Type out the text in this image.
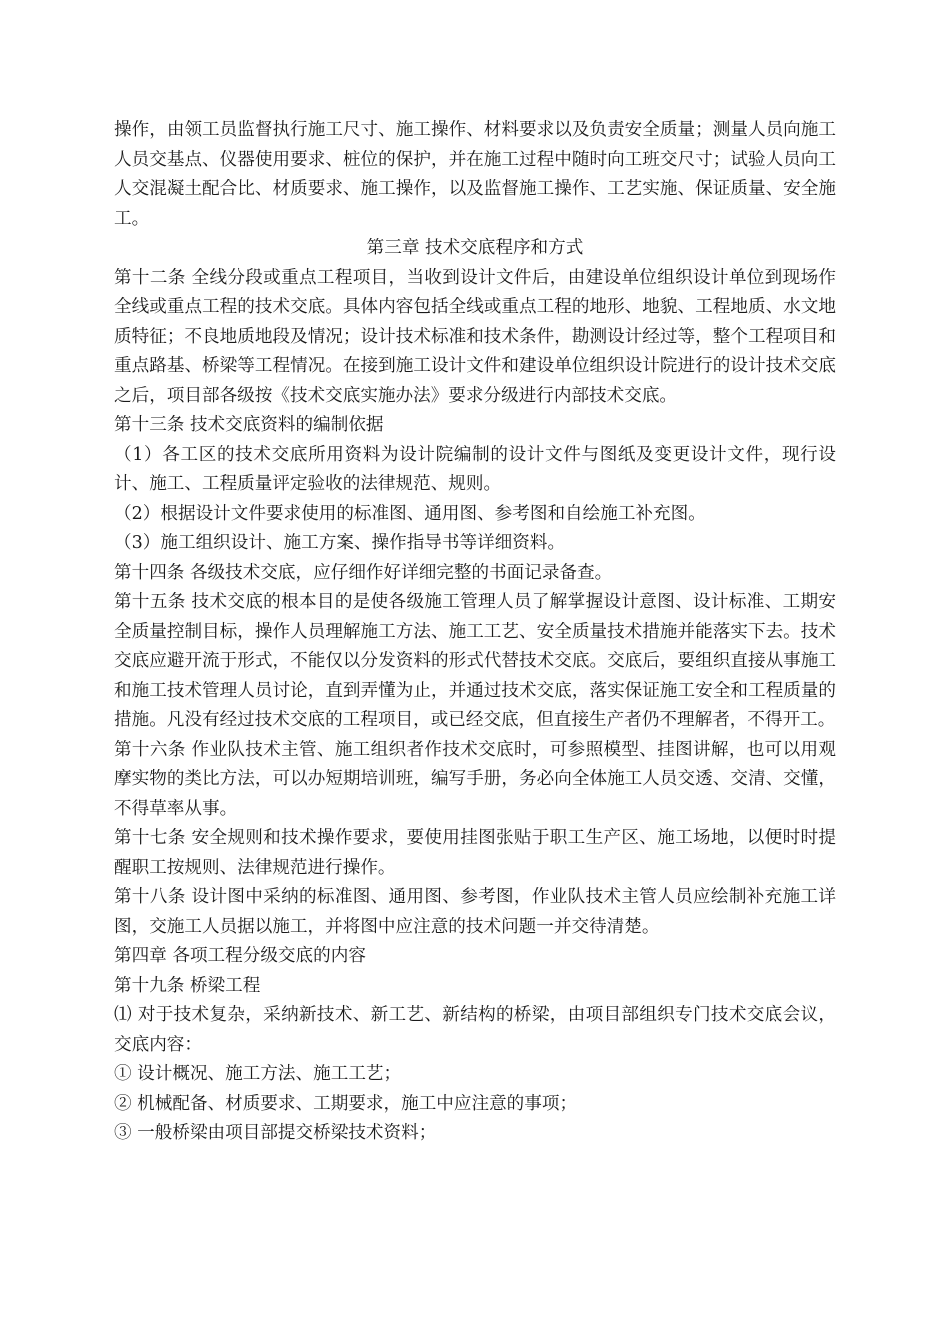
操作，由领工员监督执行施工尺寸、施工操作、材料要求以及负责安全质量；测量人员向施工人员交基点、仪器使用要求、桩位的保护，并在施工过程中随时向工班交尺寸；试验人员向工人交混凝土配合比、材质要求、施工操作，以及监督施工操作、工艺实施、保证质量、安全施工。

第三章 技术交底程序和方式

第十二条 全线分段或重点工程项目，当收到设计文件后，由建设单位组织设计单位到现场作全线或重点工程的技术交底。具体内容包括全线或重点工程的地形、地貌、工程地质、水文地质特征；不良地质地段及情况；设计技术标准和技术条件，勘测设计经过等，整个工程项目和重点路基、桥梁等工程情况。在接到施工设计文件和建设单位组织设计院进行的设计技术交底之后，项目部各级按《技术交底实施办法》要求分级进行内部技术交底。

第十三条 技术交底资料的编制依据

（1）各工区的技术交底所用资料为设计院编制的设计文件与图纸及变更设计文件，现行设计、施工、工程质量评定验收的法律规范、规则。

（2）根据设计文件要求使用的标准图、通用图、参考图和自绘施工补充图。

（3）施工组织设计、施工方案、操作指导书等详细资料。

第十四条 各级技术交底，应仔细作好详细完整的书面记录备查。

第十五条 技术交底的根本目的是使各级施工管理人员了解掌握设计意图、设计标准、工期安全质量控制目标，操作人员理解施工方法、施工工艺、安全质量技术措施并能落实下去。技术交底应避开流于形式，不能仅以分发资料的形式代替技术交底。交底后，要组织直接从事施工和施工技术管理人员讨论，直到弄懂为止，并通过技术交底，落实保证施工安全和工程质量的措施。凡没有经过技术交底的工程项目，或已经交底，但直接生产者仍不理解者，不得开工。

第十六条 作业队技术主管、施工组织者作技术交底时，可参照模型、挂图讲解，也可以用观摩实物的类比方法，可以办短期培训班，编写手册，务必向全体施工人员交透、交清、交懂，不得草率从事。

第十七条 安全规则和技术操作要求，要使用挂图张贴于职工生产区、施工场地，以便时时提醒职工按规则、法律规范进行操作。

第十八条 设计图中采纳的标准图、通用图、参考图，作业队技术主管人员应绘制补充施工详图，交施工人员据以施工，并将图中应注意的技术问题一并交待清楚。

第四章 各项工程分级交底的内容

第十九条 桥梁工程

⑴ 对于技术复杂，采纳新技术、新工艺、新结构的桥梁，由项目部组织专门技术交底会议，交底内容：

① 设计概况、施工方法、施工工艺；

② 机械配备、材质要求、工期要求，施工中应注意的事项；

③ 一般桥梁由项目部提交桥梁技术资料；
